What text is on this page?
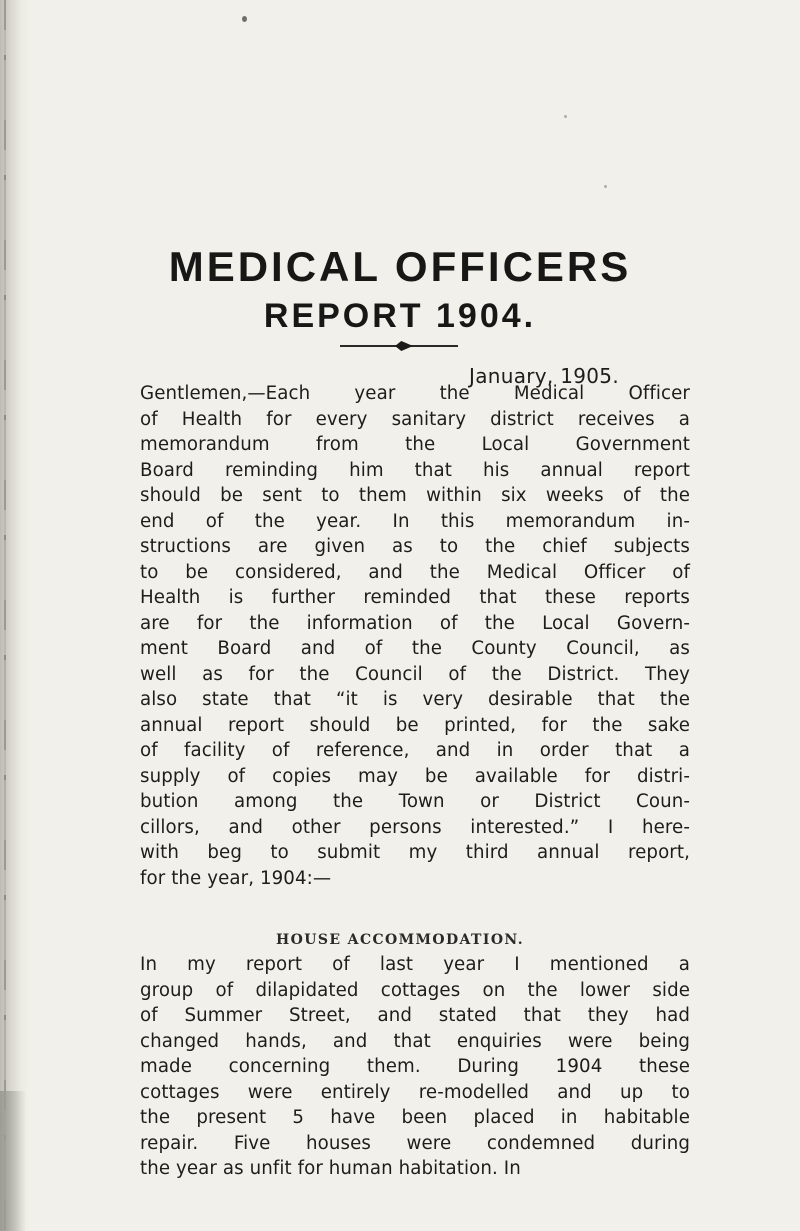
MEDICAL OFFICERS
REPORT 1904.

January, 1905.

Gentlemen,—Each year the Medical Officer
of Health for every sanitary district receives a
memorandum from the Local Government
Board reminding him that his annual report
should be sent to them within six weeks of the
end of the year. In this memorandum in-
structions are given as to the chief subjects
to be considered, and the Medical Officer of
Health is further reminded that these reports
are for the information of the Local Govern-
ment Board and of the County Council, as
well as for the Council of the District. They
also state that “it is very desirable that the
annual report should be printed, for the sake
of facility of reference, and in order that a
supply of copies may be available for distri-
bution among the Town or District Coun-
cillors, and other persons interested.” I here-
with beg to submit my third annual report,
for the year, 1904:—
HOUSE ACCOMMODATION.
In my report of last year I mentioned a
group of dilapidated cottages on the lower side
of Summer Street, and stated that they had
changed hands, and that enquiries were being
made concerning them. During 1904 these
cottages were entirely re-modelled and up to
the present 5 have been placed in habitable
repair. Five houses were condemned during
the year as unfit for human habitation. In
